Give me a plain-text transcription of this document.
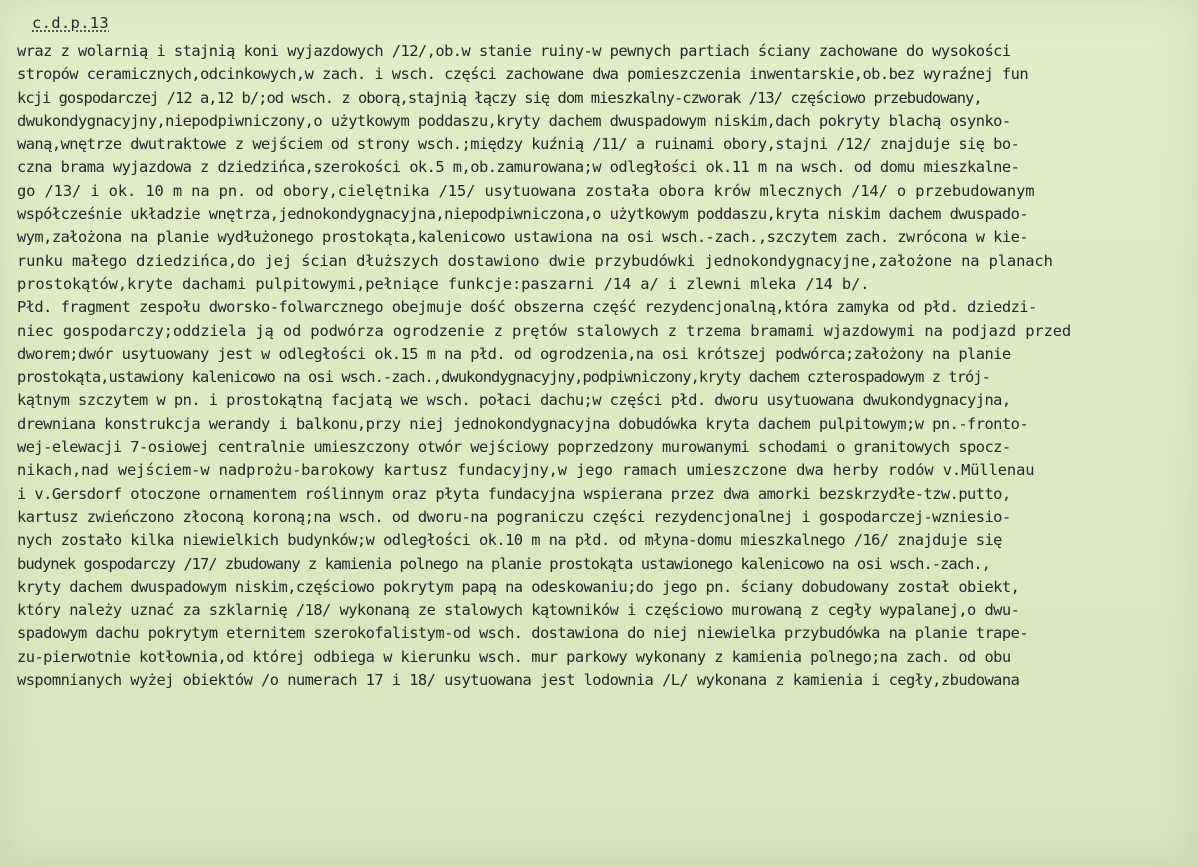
c.d.p.13
wraz z wolarnią i stajnią koni wyjazdowych /12/,ob.w stanie ruiny-w pewnych partiach ściany zachowane do wysokości
stropów ceramicznych,odcinkowych,w zach. i wsch. części zachowane dwa pomieszczenia inwentarskie,ob.bez wyraźnej fun
kcji gospodarczej /12 a,12 b/;od wsch. z oborą,stajnią łączy się dom mieszkalny-czworak /13/ częściowo przebudowany,
dwukondygnacyjny,niepodpiwniczony,o użytkowym poddaszu,kryty dachem dwuspadowym niskim,dach pokryty blachą osynko-
waną,wnętrze dwutraktowe z wejściem od strony wsch.;między kuźnią /11/ a ruinami obory,stajni /12/ znajduje się bo-
czna brama wyjazdowa z dziedzińca,szerokości ok.5 m,ob.zamurowana;w odległości ok.11 m na wsch. od domu mieszkalne-
go /13/ i ok. 10 m na pn. od obory,cielętnika /15/ usytuowana została obora krów mlecznych /14/ o przebudowanym
współcześnie układzie wnętrza,jednokondygnacyjna,niepodpiwniczona,o użytkowym poddaszu,kryta niskim dachem dwuspado-
wym,założona na planie wydłużonego prostokąta,kalenicowo ustawiona na osi wsch.-zach.,szczytem zach. zwrócona w kie-
runku małego dziedzińca,do jej ścian dłuższych dostawiono dwie przybudówki jednokondygnacyjne,założone na planach
prostokątów,kryte dachami pulpitowymi,pełniące funkcje:paszarni /14 a/ i zlewni mleka /14 b/.
Płd. fragment zespołu dworsko-folwarcznego obejmuje dość obszerna część rezydencjonalną,która zamyka od płd. dziedzi-
niec gospodarczy;oddziela ją od podwórza ogrodzenie z prętów stalowych z trzema bramami wjazdowymi na podjazd przed
dworem;dwór usytuowany jest w odległości ok.15 m na płd. od ogrodzenia,na osi krótszej podwórca;założony na planie
prostokąta,ustawiony kalenicowo na osi wsch.-zach.,dwukondygnacyjny,podpiwniczony,kryty dachem czterospadowym z trój-
kątnym szczytem w pn. i prostokątną facjatą we wsch. połaci dachu;w części płd. dworu usytuowana dwukondygnacyjna,
drewniana konstrukcja werandy i balkonu,przy niej jednokondygnacyjna dobudówka kryta dachem pulpitowym;w pn.-fronto-
wej-elewacji 7-osiowej centralnie umieszczony otwór wejściowy poprzedzony murowanymi schodami o granitowych spocz-
nikach,nad wejściem-w nadprożu-barokowy kartusz fundacyjny,w jego ramach umieszczone dwa herby rodów v.Müllenau
i v.Gersdorf otoczone ornamentem roślinnym oraz płyta fundacyjna wspierana przez dwa amorki bezskrzydłe-tzw.putto,
kartusz zwieńczono złoconą koroną;na wsch. od dworu-na pograniczu części rezydencjonalnej i gospodarczej-wzniesio-
nych zostało kilka niewielkich budynków;w odległości ok.10 m na płd. od młyna-domu mieszkalnego /16/ znajduje się
budynek gospodarczy /17/ zbudowany z kamienia polnego na planie prostokąta ustawionego kalenicowo na osi wsch.-zach.,
kryty dachem dwuspadowym niskim,częściowo pokrytym papą na odeskowaniu;do jego pn. ściany dobudowany został obiekt,
który należy uznać za szklarnię /18/ wykonaną ze stalowych kątowników i częściowo murowaną z cegły wypalanej,o dwu-
spadowym dachu pokrytym eternitem szerokofalistym-od wsch. dostawiona do niej niewielka przybudówka na planie trape-
zu-pierwotnie kotłownia,od której odbiega w kierunku wsch. mur parkowy wykonany z kamienia polnego;na zach. od obu
wspomnianych wyżej obiektów /o numerach 17 i 18/ usytuowana jest lodownia /L/ wykonana z kamienia i cegły,zbudowana
